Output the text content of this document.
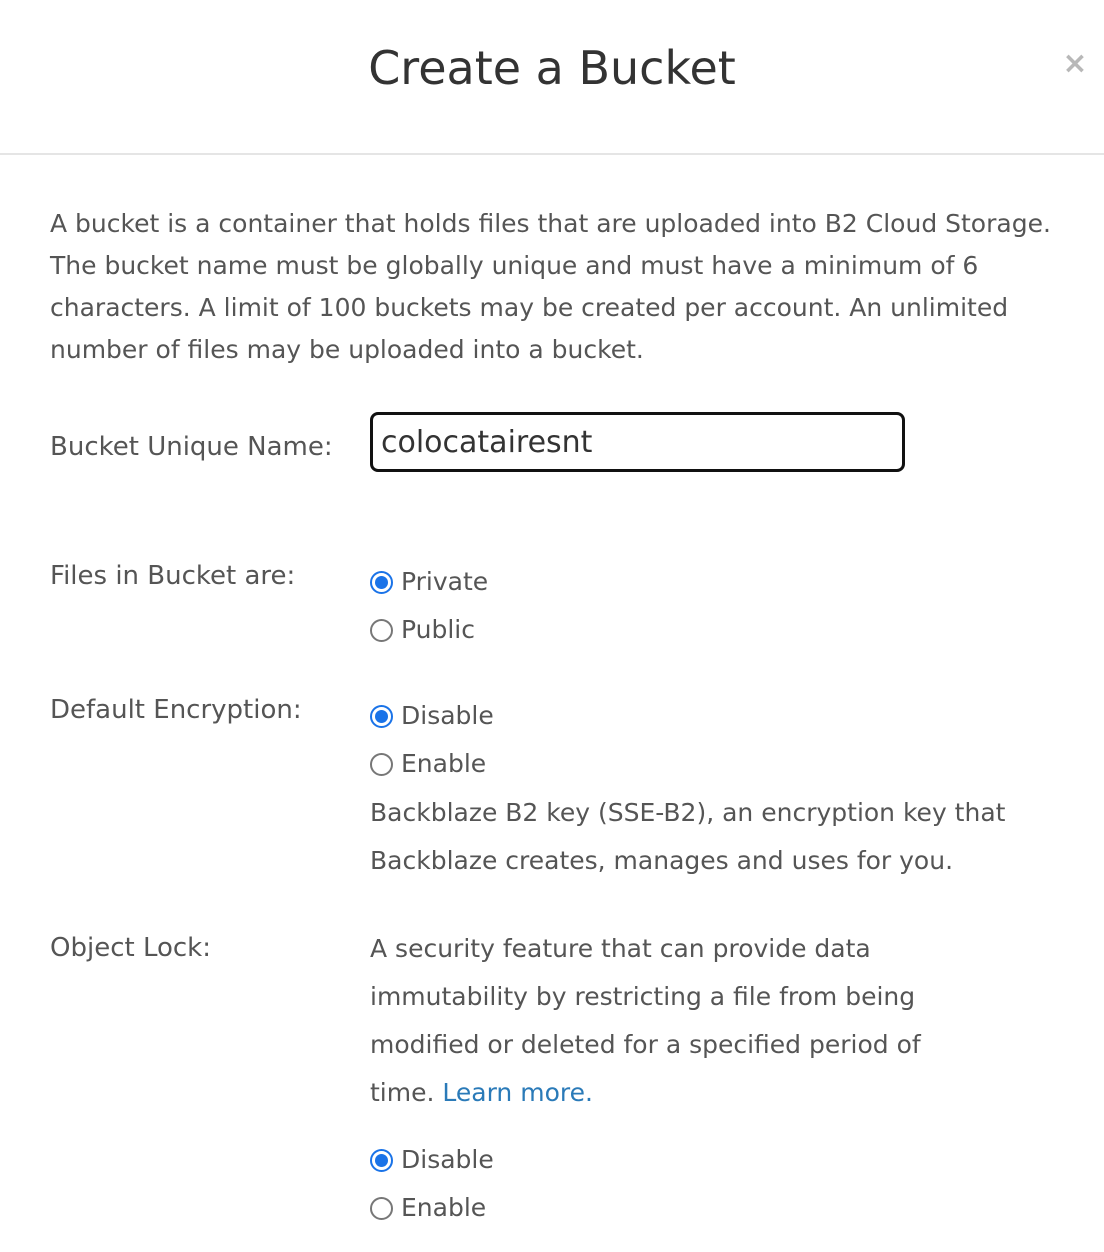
Create a Bucket	×

A bucket is a container that holds files that are uploaded into B2 Cloud Storage. The bucket name must be globally unique and must have a minimum of 6 characters. A limit of 100 buckets may be created per account. An unlimited number of files may be uploaded into a bucket.

Bucket Unique Name:
colocatairesnt
Files in Bucket are:	Private
Public
Default Encryption:	Disable
Enable

Backblaze B2 key (SSE-B2), an encryption key that Backblaze creates, manages and uses for you.

Object Lock:	A security feature that can provide data immutability by restricting a file from being modified or deleted for a specified period of time. Learn more.

Disable
Enable
